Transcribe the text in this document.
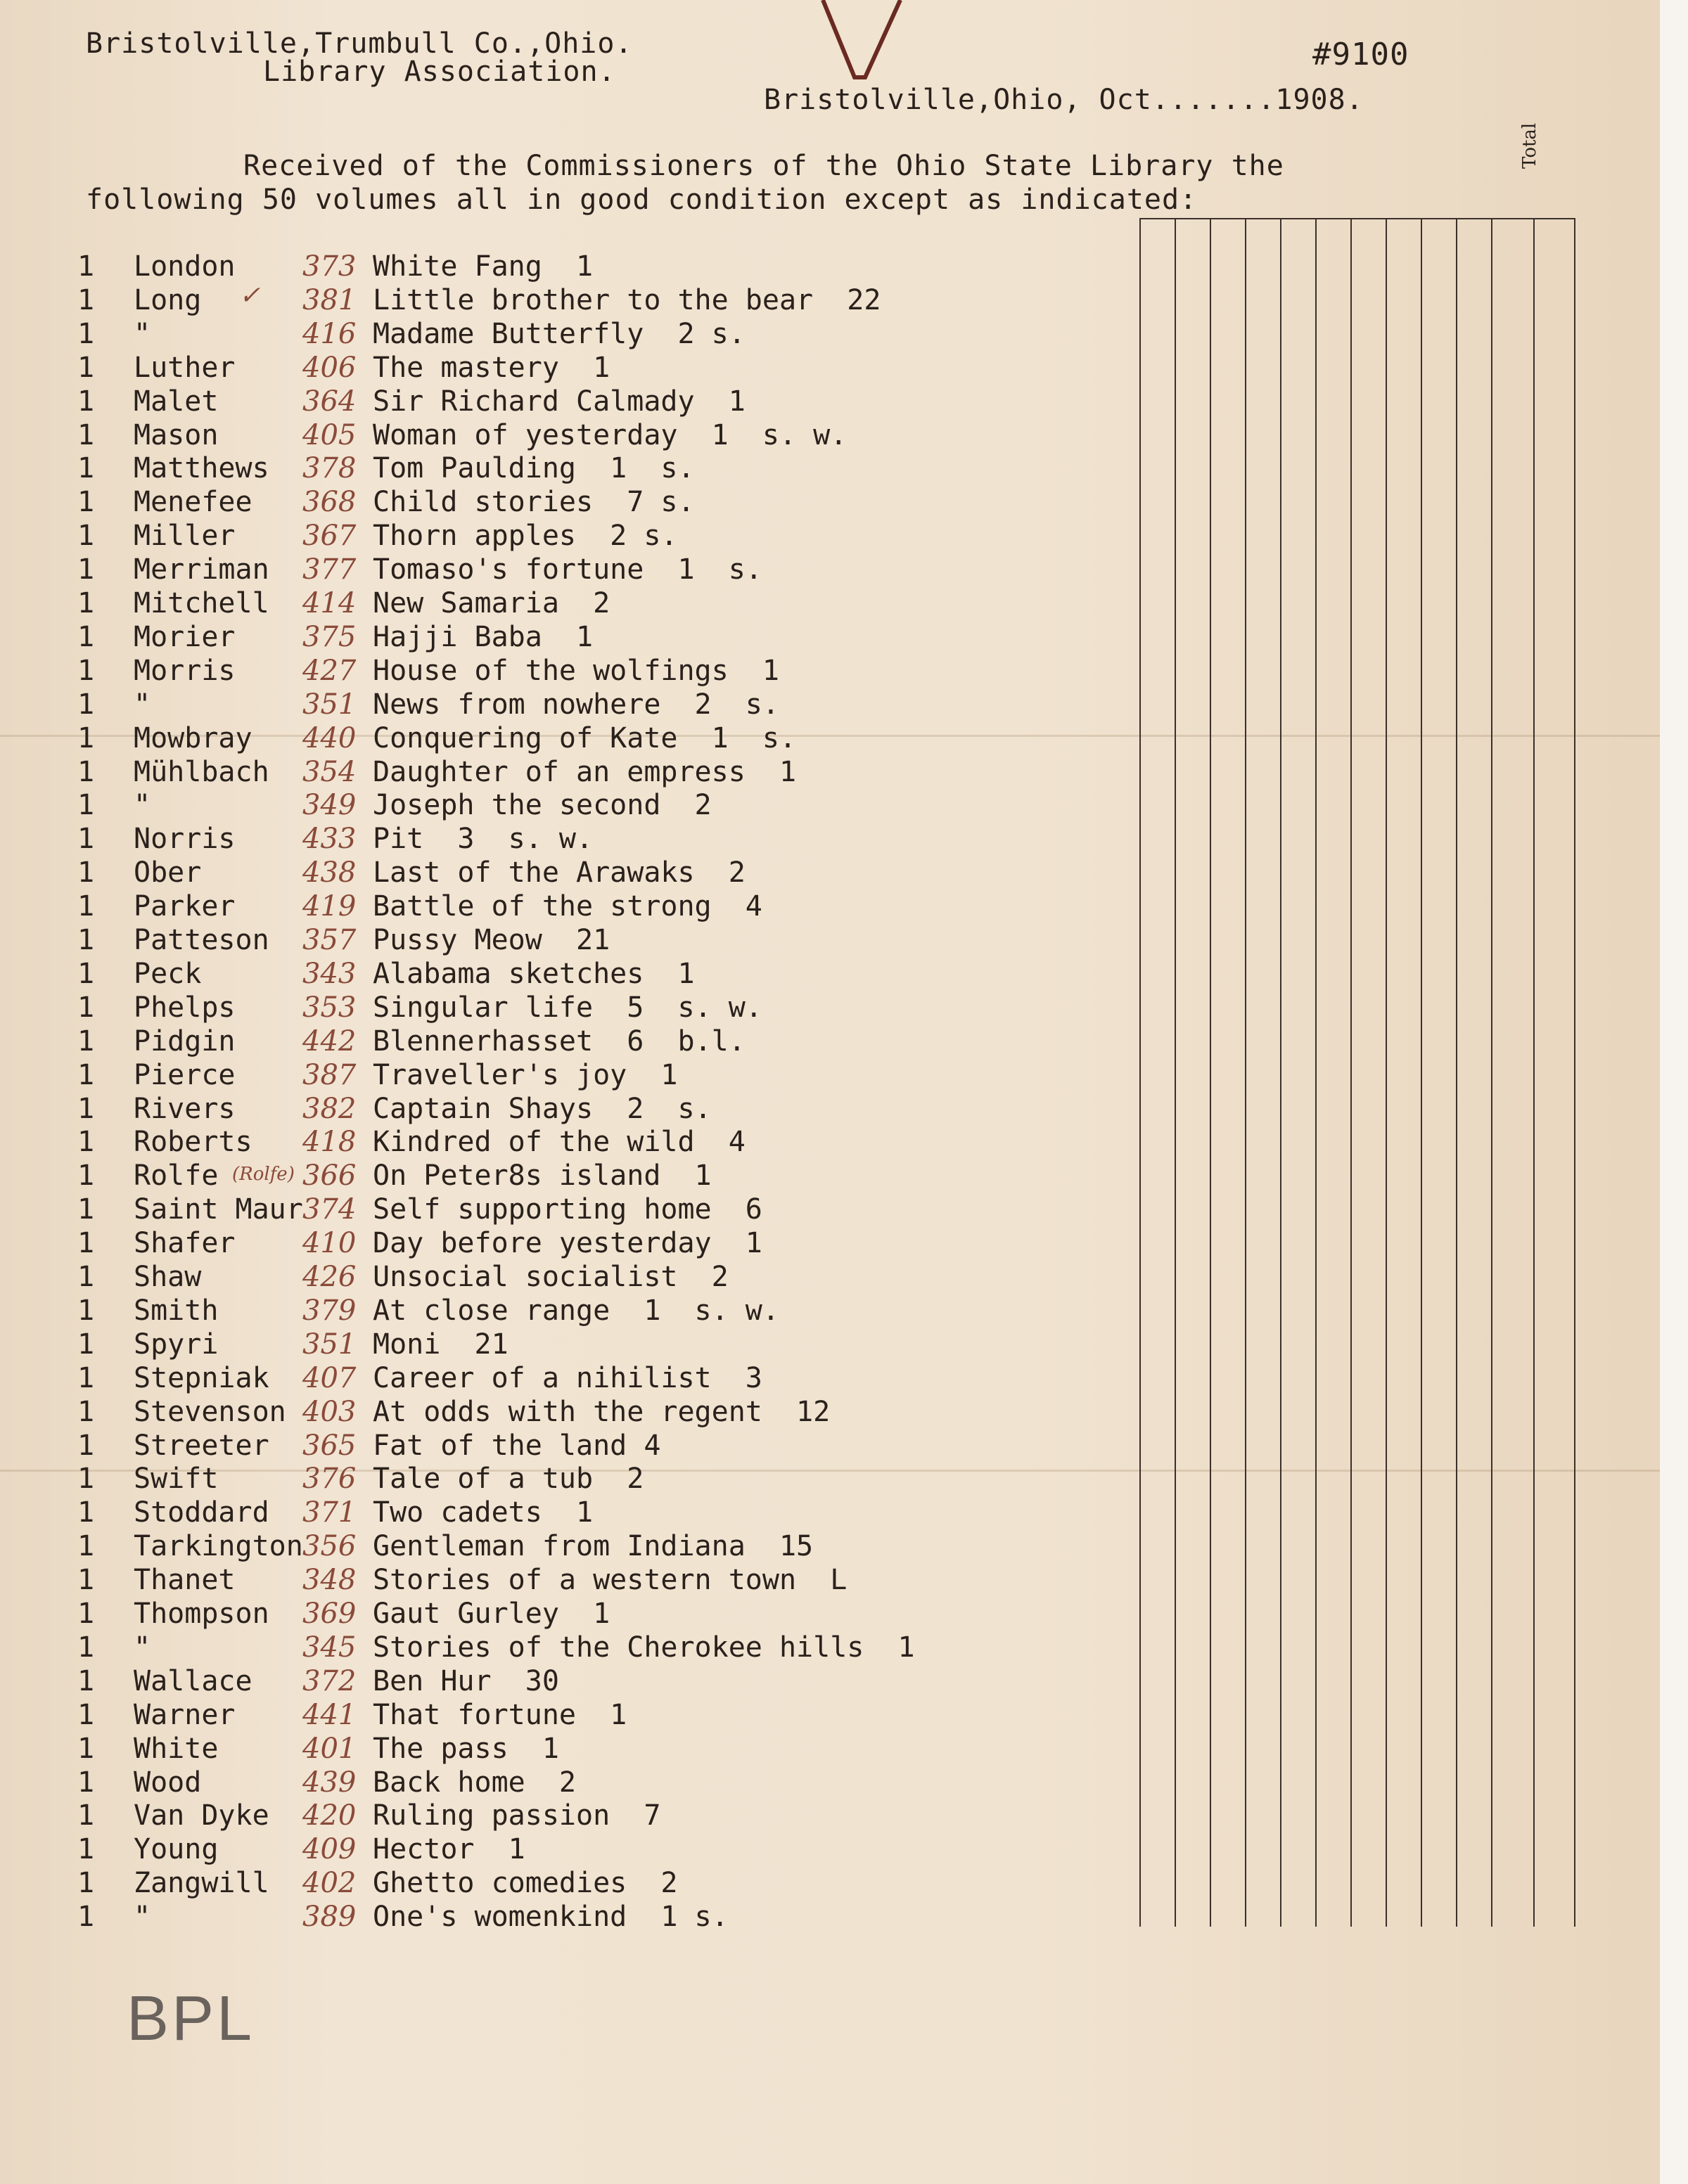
Bristolville,Trumbull Co.,Ohio.
Library Association.	#9100
Bristolville,Ohio, Oct.......1908.
Received of the Commissioners of the Ohio State Library the
following 50 volumes all in good condition except as indicated:
Total
1	London	373 White Fang  1
1	Long	381 Little brother to the bear  22
1	"	416 Madame Butterfly  2 s.
1	Luther	406 The mastery  1
1	Malet	364 Sir Richard Calmady  1
1	Mason	405 Woman of yesterday  1  s. w.
1	Matthews	378 Tom Paulding  1  s.
1	Menefee	368 Child stories  7 s.
1	Miller	367 Thorn apples  2 s.
1	Merriman	377 Tomaso's fortune  1  s.
1	Mitchell	414 New Samaria  2
1	Morier	375 Hajji Baba  1
1	Morris	427 House of the wolfings  1
1	"	351 News from nowhere  2  s.
1	Mowbray	440 Conquering of Kate  1  s.
1	Mühlbach	354 Daughter of an empress  1
1	"	349 Joseph the second  2
1	Norris	433 Pit  3  s. w.
1	Ober	438 Last of the Arawaks  2
1	Parker	419 Battle of the strong  4
1	Patteson	357 Pussy Meow  21
1	Peck	343 Alabama sketches  1
1	Phelps	353 Singular life  5  s. w.
1	Pidgin	442 Blennerhasset  6  b.l.
1	Pierce	387 Traveller's joy  1
1	Rivers	382 Captain Shays  2  s.
1	Roberts	418 Kindred of the wild  4
1	Rolfe	366 On Peter8s island  1
1	Saint Maur 374 Self supporting home  6
1	Shafer	410 Day before yesterday  1
1	Shaw	426 Unsocial socialist  2
1	Smith	379 At close range  1  s. w.
1	Spyri	351 Moni  21
1	Stepniak	407 Career of a nihilist  3
1	Stevenson 403 At odds with the regent  12
1	Streeter	365 Fat of the land 4
1	Swift	376 Tale of a tub  2
1	Stoddard	371 Two cadets  1
1	Tarkington 356 Gentleman from Indiana  15
1	Thanet	348 Stories of a western town  L
1	Thompson	369 Gaut Gurley  1
1	"	345 Stories of the Cherokee hills  1
1	Wallace	372 Ben Hur  30
1	Warner	441 That fortune  1
1	White	401 The pass  1
1	Wood	439 Back home  2
1	Van Dyke	420 Ruling passion  7
1	Young	409 Hector  1
1	Zangwill	402 Ghetto comedies  2
1	"	389 One's womenkind  1 s.
✓
(Rolfe)
BPL
